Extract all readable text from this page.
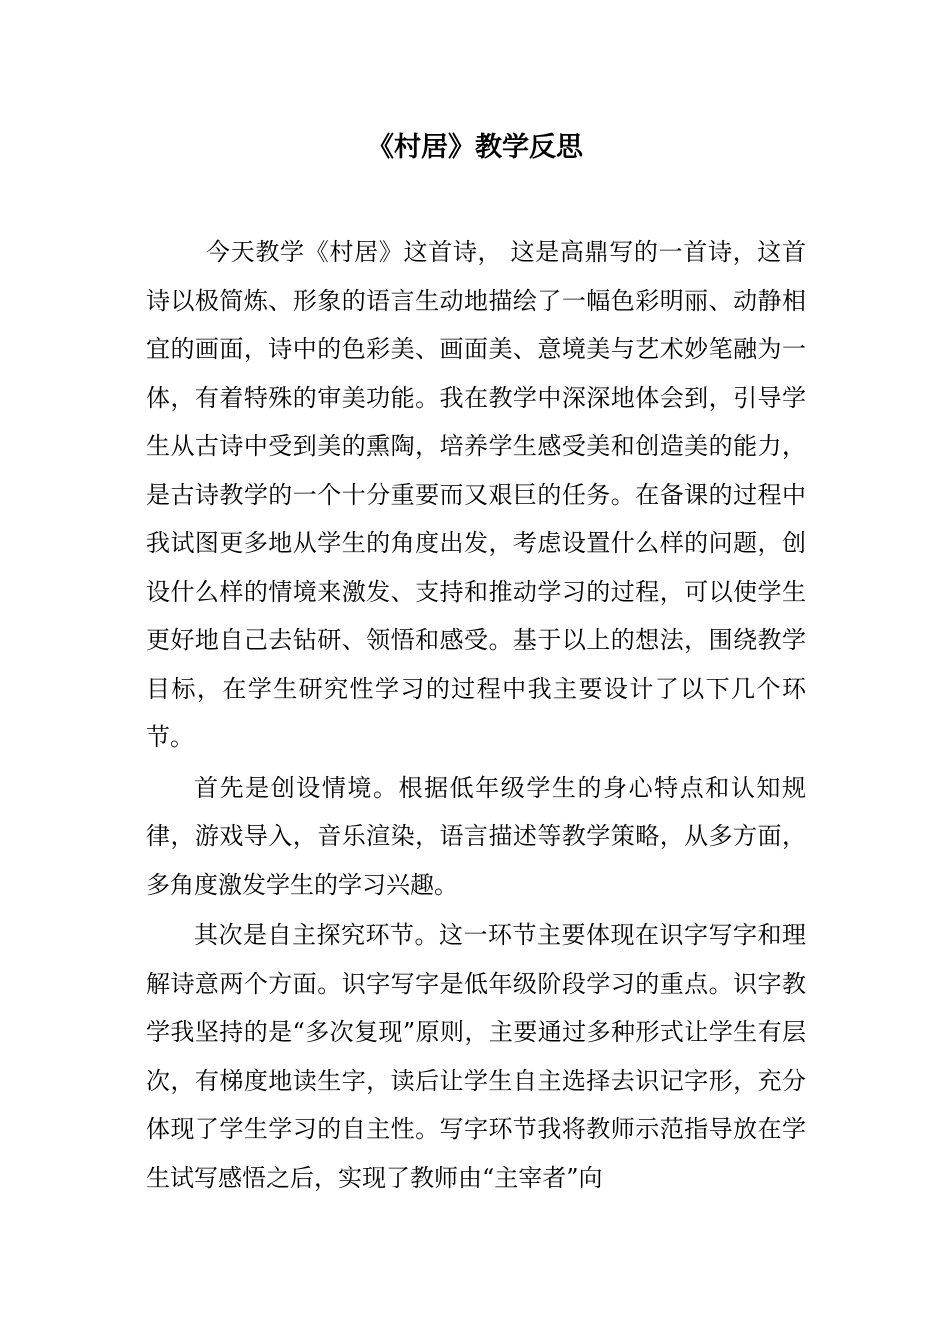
《村居》教学反思

今天教学《村居》这首诗， 这是高鼎写的一首诗，这首诗以极简炼、形象的语言生动地描绘了一幅色彩明丽、动静相宜的画面，诗中的色彩美、画面美、意境美与艺术妙笔融为一体，有着特殊的审美功能。我在教学中深深地体会到，引导学生从古诗中受到美的熏陶，培养学生感受美和创造美的能力，是古诗教学的一个十分重要而又艰巨的任务。在备课的过程中我试图更多地从学生的角度出发，考虑设置什么样的问题，创设什么样的情境来激发、支持和推动学习的过程，可以使学生更好地自己去钻研、领悟和感受。基于以上的想法，围绕教学目标，在学生研究性学习的过程中我主要设计了以下几个环节。

首先是创设情境。根据低年级学生的身心特点和认知规律，游戏导入，音乐渲染，语言描述等教学策略，从多方面，多角度激发学生的学习兴趣。

其次是自主探究环节。这一环节主要体现在识字写字和理解诗意两个方面。识字写字是低年级阶段学习的重点。识字教学我坚持的是“多次复现”原则，主要通过多种形式让学生有层次，有梯度地读生字，读后让学生自主选择去识记字形，充分体现了学生学习的自主性。写字环节我将教师示范指导放在学生试写感悟之后，实现了教师由“主宰者”向
